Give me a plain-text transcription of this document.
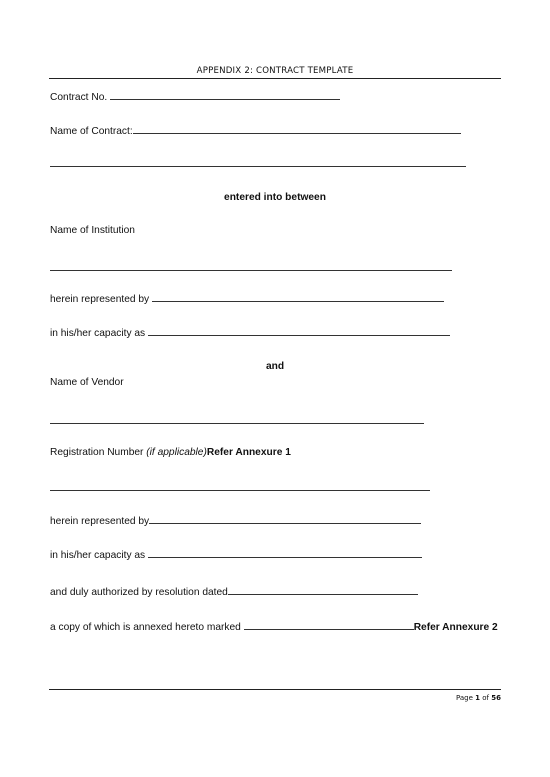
APPENDIX 2: CONTRACT TEMPLATE
Contract No.
Name of Contract:
entered into between
Name of Institution
herein represented by
in his/her capacity as
and
Name of Vendor
Registration Number (if applicable)Refer Annexure 1
herein represented by
in his/her capacity as
and duly authorized by resolution dated
a copy of which is annexed hereto marked	Refer Annexure 2
Page 1 of 56
